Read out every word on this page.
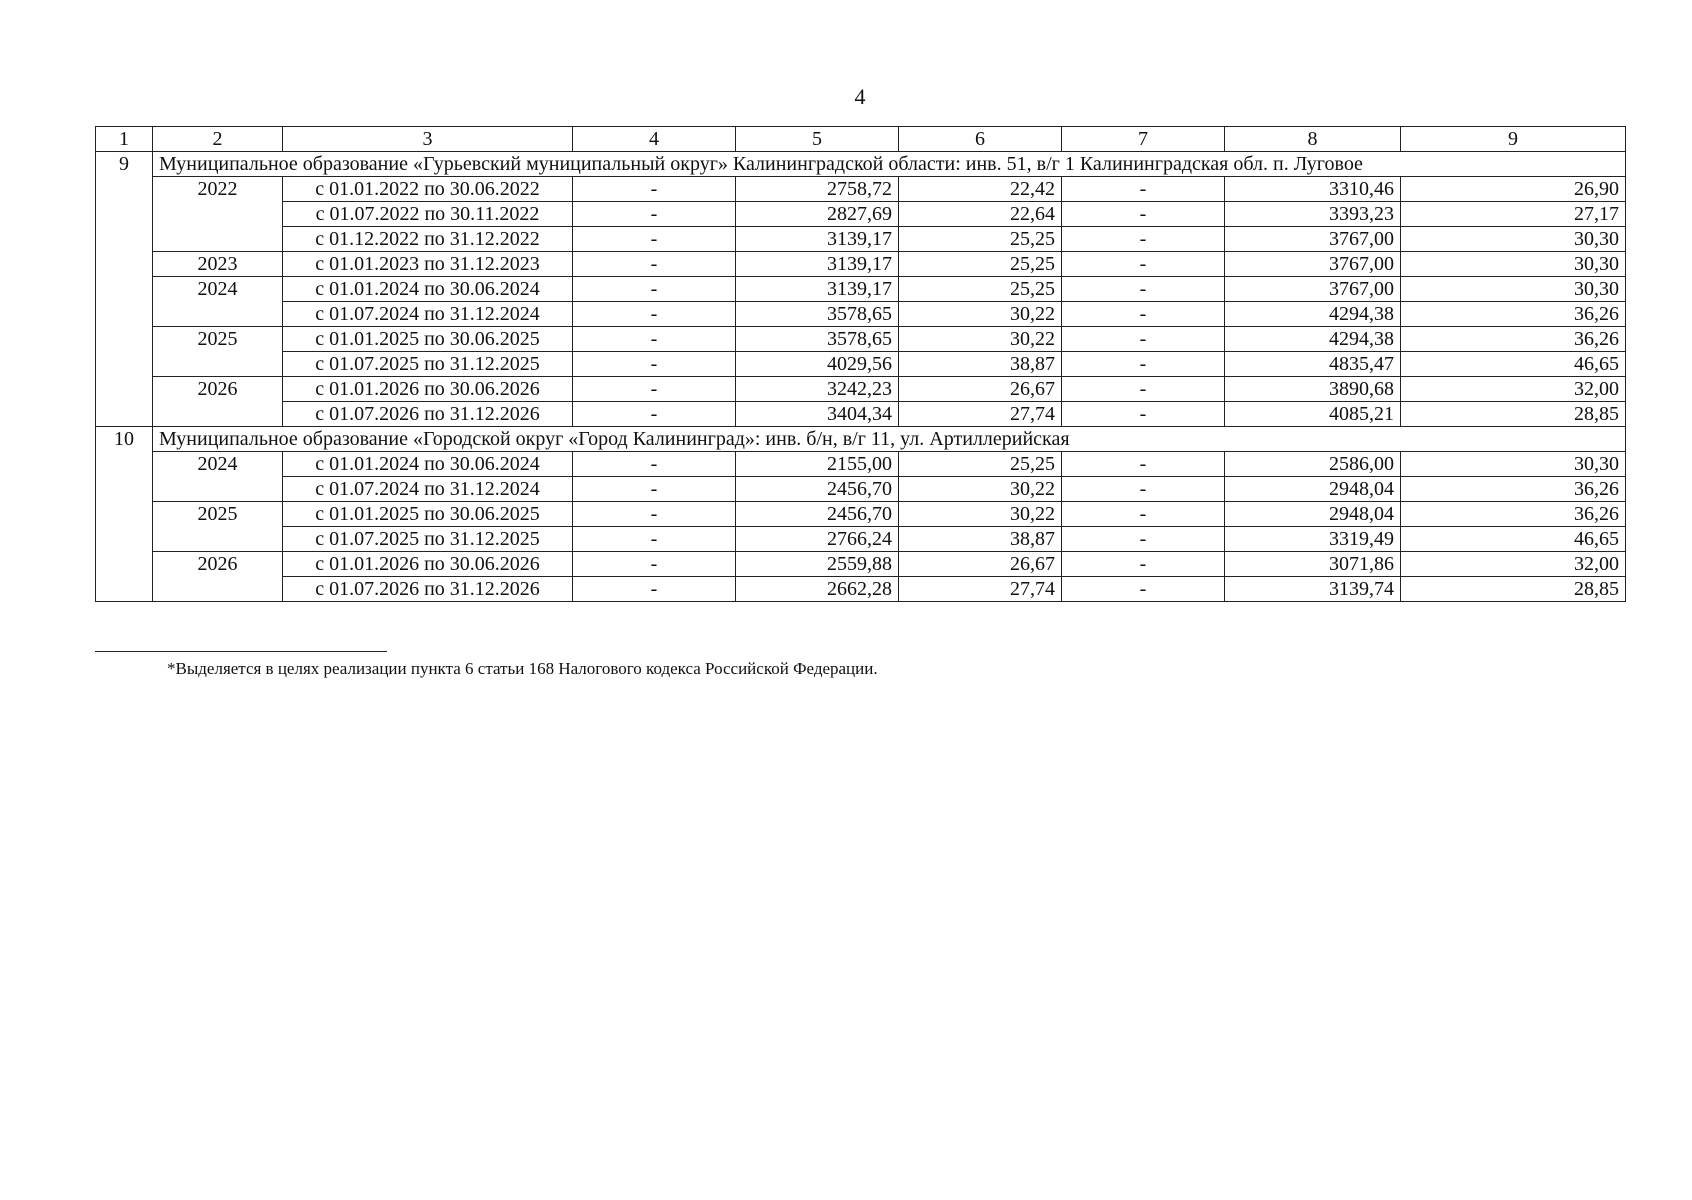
4
1	2	3	4	5	6	7	8	9
9	Муниципальное образование «Гурьевский муниципальный округ» Калининградской области: инв. 51, в/г 1 Калининградская обл. п. Луговое							
	2022	с 01.01.2022 по 30.06.2022	-	2758,72	22,42	-	3310,46	26,90
		с 01.07.2022 по 30.11.2022	-	2827,69	22,64	-	3393,23	27,17
		с 01.12.2022 по 31.12.2022	-	3139,17	25,25	-	3767,00	30,30
	2023	с 01.01.2023 по 31.12.2023	-	3139,17	25,25	-	3767,00	30,30
	2024	с 01.01.2024 по 30.06.2024	-	3139,17	25,25	-	3767,00	30,30
		с 01.07.2024 по 31.12.2024	-	3578,65	30,22	-	4294,38	36,26
	2025	с 01.01.2025 по 30.06.2025	-	3578,65	30,22	-	4294,38	36,26
		с 01.07.2025 по 31.12.2025	-	4029,56	38,87	-	4835,47	46,65
	2026	с 01.01.2026 по 30.06.2026	-	3242,23	26,67	-	3890,68	32,00
		с 01.07.2026 по 31.12.2026	-	3404,34	27,74	-	4085,21	28,85
10	Муниципальное образование «Городской округ «Город Калининград»: инв. б/н, в/г 11, ул. Артиллерийская							
	2024	с 01.01.2024 по 30.06.2024	-	2155,00	25,25	-	2586,00	30,30
		с 01.07.2024 по 31.12.2024	-	2456,70	30,22	-	2948,04	36,26
	2025	с 01.01.2025 по 30.06.2025	-	2456,70	30,22	-	2948,04	36,26
		с 01.07.2025 по 31.12.2025	-	2766,24	38,87	-	3319,49	46,65
	2026	с 01.01.2026 по 30.06.2026	-	2559,88	26,67	-	3071,86	32,00
		с 01.07.2026 по 31.12.2026	-	2662,28	27,74	-	3139,74	28,85
*Выделяется в целях реализации пункта 6 статьи 168 Налогового кодекса Российской Федерации.
